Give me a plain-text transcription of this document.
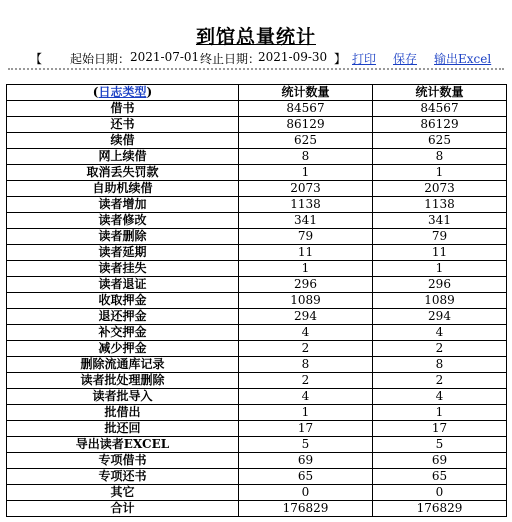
到馆总量统计
【 起始日期： 2021-07-01 终止日期：
2021-09-30 】 打印 保存 输出Excel
(日志类型)	统计数量	统计数量
借书	84567	84567
还书	86129	86129
续借	625	625
网上续借	8	8
取消丢失罚款	1	1
自助机续借	2073	2073
读者增加	1138	1138
读者修改	341	341
读者删除	79	79
读者延期	11	11
读者挂失	1	1
读者退证	296	296
收取押金	1089	1089
退还押金	294	294
补交押金	4	4
减少押金	2	2
删除流通库记录	8	8
读者批处理删除	2	2
读者批导入	4	4
批借出	1	1
批还回	17	17
导出读者EXCEL	5	5
专项借书	69	69
专项还书	65	65
其它	0	0
合计	176829	176829
